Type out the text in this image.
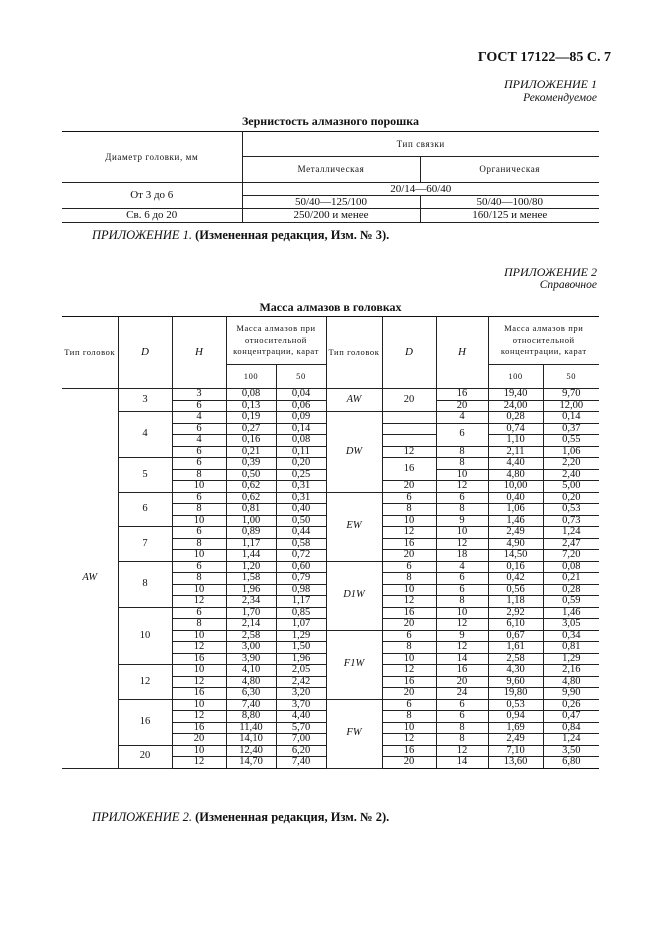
ГОСТ 17122—85 С. 7
ПРИЛОЖЕНИЕ 1
Рекомендуемое
Зернистость алмазного порошка
Диаметр головки, мм	Тип связки	
	Металлическая	Органическая
От 3 до 6	20/14—60/40	
	50/40—125/100	50/40—100/80
Св. 6 до 20	250/200 и менее	160/125 и менее
ПРИЛОЖЕНИЕ 1. (Измененная редакция, Изм. № 3).
ПРИЛОЖЕНИЕ 2
Справочное
Масса алмазов в головках
Тип головок	D	H	Масса алмазов при относительной концентрации, карат		Тип головок	D	H	Масса алмазов при относительной концентрации, карат	
			100	50				100	50
AW	3	3	0,08	0,04	AW	20	16	19,40	9,70
		6	0,13	0,06			20	24,00	12,00
	4	4	0,19	0,09	DW		4	0,28	0,14
		6	0,27	0,14			6	0,74	0,37
		4	0,16	0,08				1,10	0,55
		6	0,21	0,11		12	8	2,11	1,06
	5	6	0,39	0,20		16	8	4,40	2,20
		8	0,50	0,25			10	4,80	2,40
		10	0,62	0,31		20	12	10,00	5,00
	6	6	0,62	0,31	EW	6	6	0,40	0,20
		8	0,81	0,40		8	8	1,06	0,53
		10	1,00	0,50		10	9	1,46	0,73
	7	6	0,89	0,44		12	10	2,49	1,24
		8	1,17	0,58		16	12	4,90	2,47
		10	1,44	0,72		20	18	14,50	7,20
	8	6	1,20	0,60	D1W	6	4	0,16	0,08
		8	1,58	0,79		8	6	0,42	0,21
		10	1,96	0,98		10	6	0,56	0,28
		12	2,34	1,17		12	8	1,18	0,59
	10	6	1,70	0,85		16	10	2,92	1,46
		8	2,14	1,07		20	12	6,10	3,05
		10	2,58	1,29	F1W	6	9	0,67	0,34
		12	3,00	1,50		8	12	1,61	0,81
		16	3,90	1,96		10	14	2,58	1,29
	12	10	4,10	2,05		12	16	4,30	2,16
		12	4,80	2,42		16	20	9,60	4,80
		16	6,30	3,20		20	24	19,80	9,90
	16	10	7,40	3,70	FW	6	6	0,53	0,26
		12	8,80	4,40		8	6	0,94	0,47
		16	11,40	5,70		10	8	1,69	0,84
		20	14,10	7,00		12	8	2,49	1,24
	20	10	12,40	6,20		16	12	7,10	3,50
		12	14,70	7,40		20	14	13,60	6,80
ПРИЛОЖЕНИЕ 2. (Измененная редакция, Изм. № 2).
